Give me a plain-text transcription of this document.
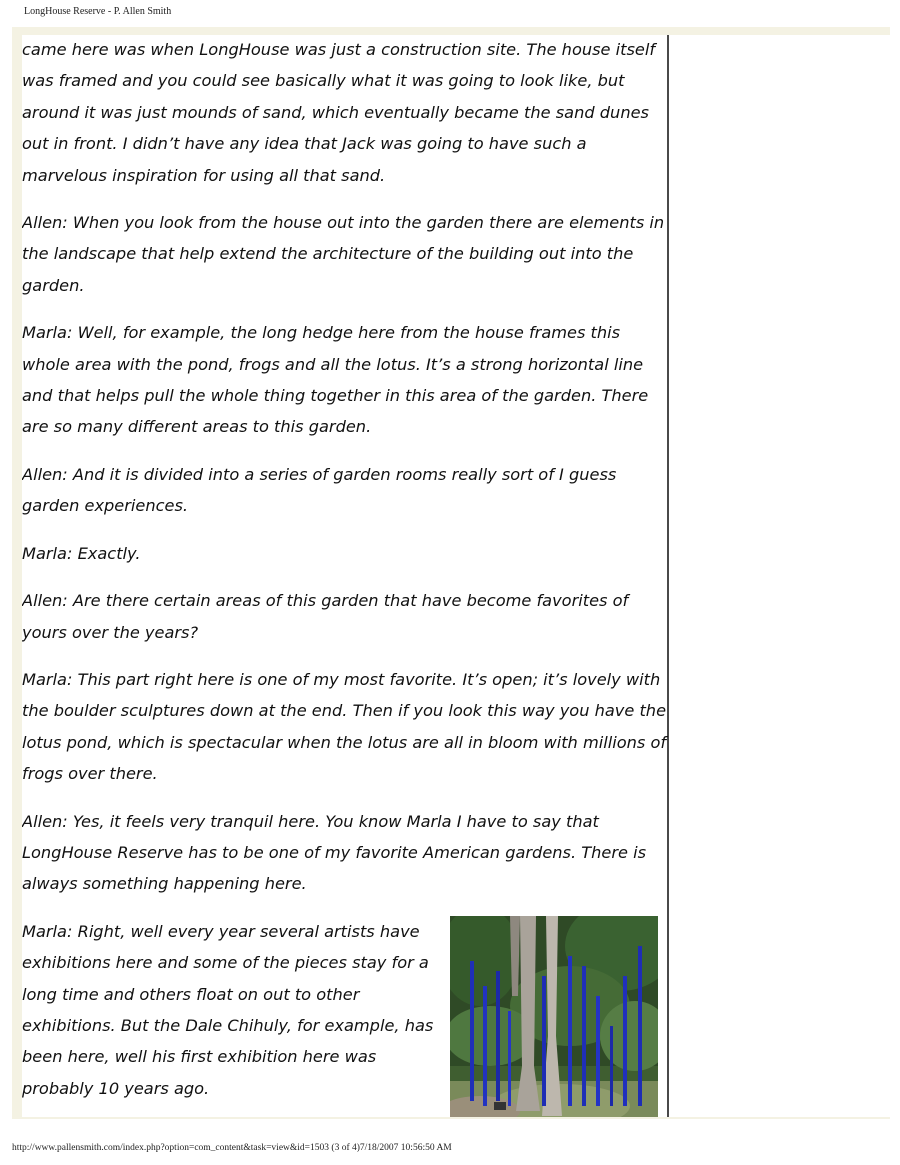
LongHouse Reserve - P. Allen Smith

came here was when LongHouse was just a construction site. The house itself was framed and you could see basically what it was going to look like, but around it was just mounds of sand, which eventually became the sand dunes out in front. I didn’t have any idea that Jack was going to have such a marvelous inspiration for using all that sand.

Allen: When you look from the house out into the garden there are elements in the landscape that help extend the architecture of the building out into the garden.

Marla: Well, for example, the long hedge here from the house frames this whole area with the pond, frogs and all the lotus. It’s a strong horizontal line and that helps pull the whole thing together in this area of the garden. There are so many different areas to this garden.

Allen: And it is divided into a series of garden rooms really sort of I guess garden experiences.

Marla: Exactly.

Allen: Are there certain areas of this garden that have become favorites of yours over the years?

Marla: This part right here is one of my most favorite. It’s open; it’s lovely with the boulder sculptures down at the end. Then if you look this way you have the lotus pond, which is spectacular when the lotus are all in bloom with millions of frogs over there.

Allen: Yes, it feels very tranquil here. You know Marla I have to say that LongHouse Reserve has to be one of my favorite American gardens. There is always something happening here.

Marla: Right, well every year several artists have exhibitions here and some of the pieces stay for a long time and others float on out to other exhibitions. But the Dale Chihuly, for example, has been here, well his first exhibition here was probably 10 years ago.

http://www.pallensmith.com/index.php?option=com_content&task=view&id=1503 (3 of 4)7/18/2007 10:56:50 AM
